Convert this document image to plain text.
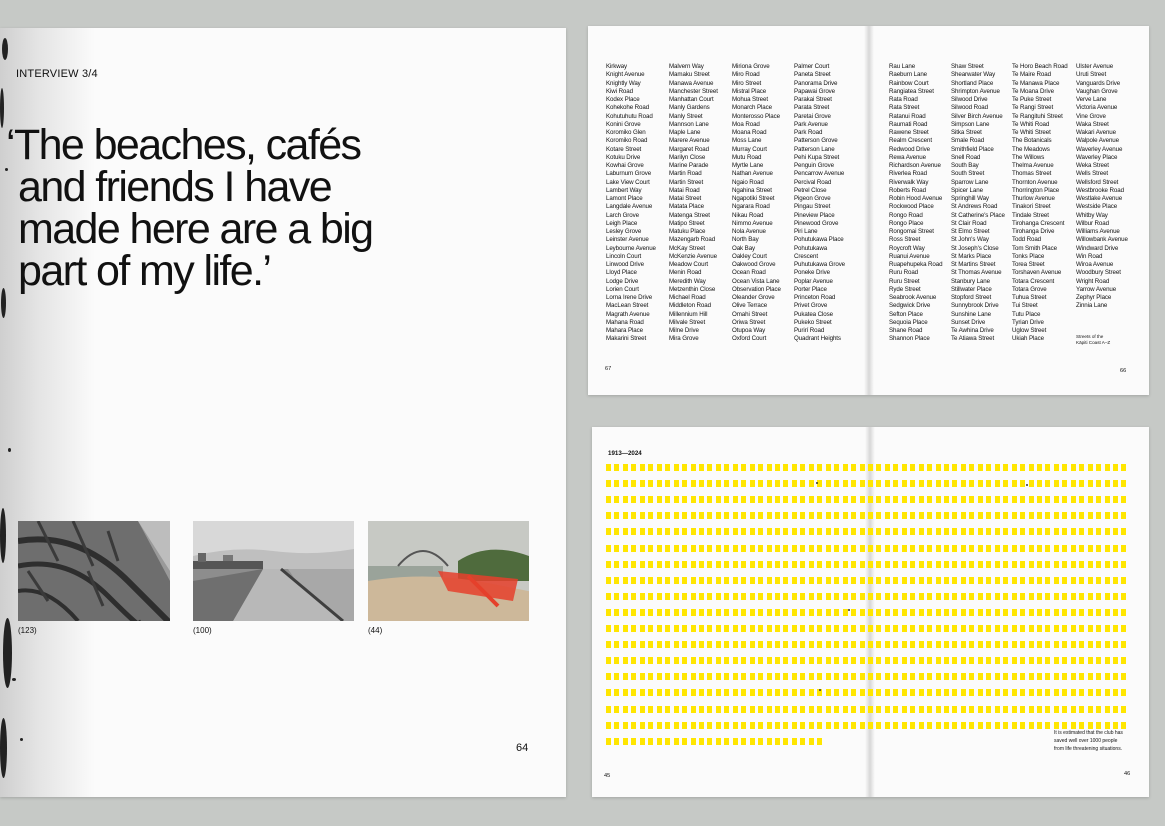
INTERVIEW 3/4
‘The beaches, cafés
and friends I have
made here are a big
part of my life.’
(123)	(100)	(44)
64
Kirkway
Knight Avenue
Knightly Way
Kiwi Road
Kodex Place
Kohekohe Road
Kohutuhutu Road
Konini Grove
Koromiko Glen
Koromiko Road
Kotare Street
Kotuku Drive
Kowhai Grove
Laburnum Grove
Lake View Court
Lambert Way
Lamont Place
Langdale Avenue
Larch Grove
Leigh Place
Lesley Grove
Leinster Avenue
Leybourne Avenue
Lincoln Court
Linwood Drive
Lloyd Place
Lodge Drive
Lorien Court
Lorna Irene Drive
MacLean Street
Magrath Avenue
Mahana Road
Mahara Place
Makarini Street
Malvern Way
Mamaku Street
Manawa Avenue
Manchester Street
Manhattan Court
Manly Gardens
Manly Street
Mannson Lane
Maple Lane
Marere Avenue
Margaret Road
Marilyn Close
Marine Parade
Martin Road
Martin Street
Matai Road
Matai Street
Matata Place
Matenga Street
Matipo Street
Matuku Place
Mazengarb Road
McKay Street
McKenzie Avenue
Meadow Court
Menin Road
Meredith Way
Metzenthin Close
Michael Road
Middleton Road
Millennium Hill
Milvale Street
Milne Drive
Mira Grove
Miriona Grove
Miro Road
Miro Street
Mistral Place
Mohua Street
Monarch Place
Monterosso Place
Moa Road
Moana Road
Moss Lane
Murray Court
Mutu Road
Myrtle Lane
Nathan Avenue
Ngaio Road
Ngahina Street
Ngapotiki Street
Ngarara Road
Nikau Road
Nimmo Avenue
Nola Avenue
North Bay
Oak Bay
Oakley Court
Oakwood Grove
Ocean Road
Ocean Vista Lane
Observation Place
Oleander Grove
Olive Terrace
Omahi Street
Oriwa Street
Otupoa Way
Oxford Court
Palmer Court
Paneta Street
Panorama Drive
Papawai Grove
Parakai Street
Parata Street
Paretai Grove
Park Avenue
Park Road
Patterson Grove
Patterson Lane
Pehi Kupa Street
Penguin Grove
Pencarrow Avenue
Percival Road
Petrel Close
Pigeon Grove
Pingau Street
Pineview Place
Pinewood Grove
Piri Lane
Pohutukawa Place
Pohutukawa
Crescent
Puhutukawa Grove
Poneke Drive
Poplar Avenue
Porter Place
Princeton Road
Privet Grove
Pukatea Close
Pukeko Street
Purirí Road
Quadrant Heights
Rau Lane
Raeburn Lane
Rainbow Court
Rangiatea Street
Rata Road
Rata Street
Ratanui Road
Raumati Road
Rawene Street
Realm Crescent
Redwood Drive
Rewa Avenue
Richardson Avenue
Riverlea Road
Riverwalk Way
Roberts Road
Robin Hood Avenue
Rockwood Place
Rongo Road
Rongo Place
Rongomai Street
Ross Street
Roycroft Way
Ruanui Avenue
Ruapehupeka Road
Ruru Road
Ruru Street
Ryde Street
Seabrook Avenue
Sedgwick Drive
Sefton Place
Sequoia Place
Shane Road
Shannon Place
Shaw Street
Shearwater Way
Shortland Place
Shrimpton Avenue
Silwood Drive
Silwood Road
Silver Birch Avenue
Simpson Lane
Sitka Street
Smale Road
Smithfield Place
Snell Road
South Bay
South Street
Sparrow Lane
Spicer Lane
Springhill Way
St Andrews Road
St Catherine's Place
St Clair Road
St Elmo Street
St John's Way
St Joseph's Close
St Marks Place
St Martins Street
St Thomas Avenue
Stanbury Lane
Stillwater Place
Stopford Street
Sunnybrook Drive
Sunshine Lane
Sunset Drive
Te Awhina Drive
Te Atiawa Street
Te Horo Beach Road
Te Maire Road
Te Manawa Place
Te Moana Drive
Te Puke Street
Te Rangi Street
Te Rangituhi Street
Te Whiti Road
Te Whiti Street
The Botanicals
The Meadows
The Willows
Thelma Avenue
Thomas Street
Thornton Avenue
Thorrington Place
Thurlow Avenue
Tinakori Street
Tindale Street
Tirohanga Crescent
Tirohanga Drive
Todd Road
Tom Smith Place
Tonks Place
Torea Street
Torshaven Avenue
Totara Crescent
Totara Grove
Tuhua Street
Tui Street
Tutu Place
Tyrian Drive
Uglow Street
Ukiah Place
Ulster Avenue
Uruti Street
Vanguards Drive
Vaughan Grove
Verve Lane
Victoria Avenue
Vine Grove
Waka Street
Wakari Avenue
Walpole Avenue
Waverley Avenue
Waverley Place
Weka Street
Wells Street
Wellsford Street
Westbrooke Road
Westlake Avenue
Westside Place
Whitby Way
Wilbur Road
Williams Avenue
Willowbank Avenue
Windward Drive
Win Road
Wiroa Avenue
Woodbury Street
Wright Road
Yarrow Avenue
Zephyr Place
Zinnia Lane
67	66
Streets of the
Kāpiti Coast A–Z
1913—2024
It is estimated that the club has
saved well over 1000 people
from life threatening situations.
45	46
